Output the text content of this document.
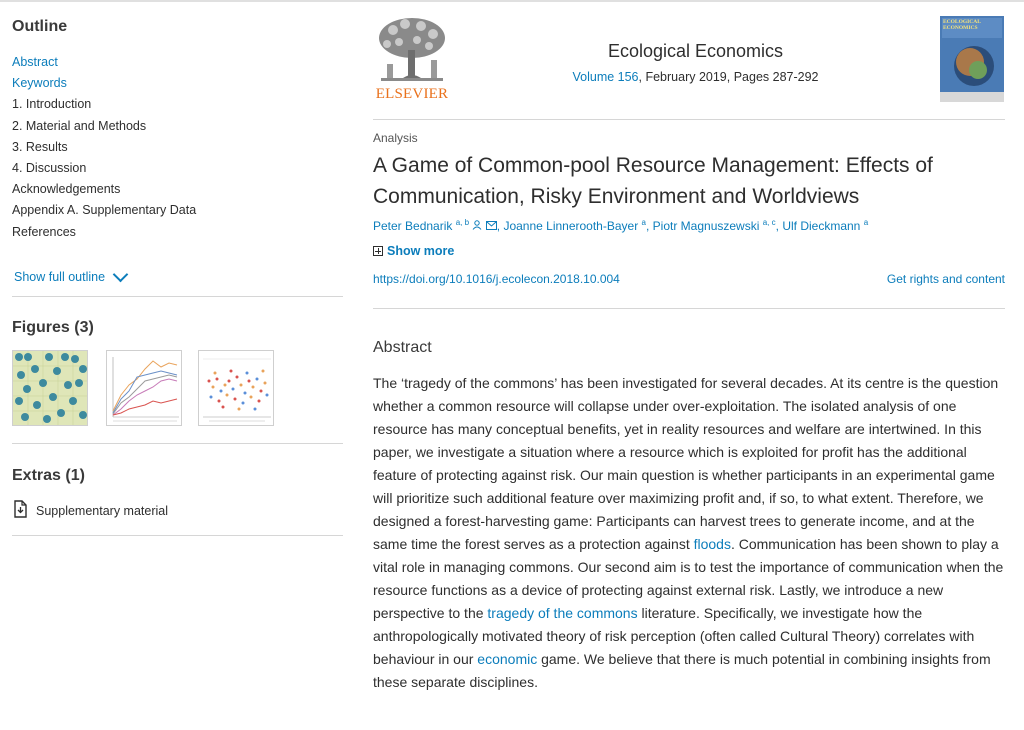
Outline
Abstract
Keywords
1. Introduction
2. Material and Methods
3. Results
4. Discussion
Acknowledgements
Appendix A. Supplementary Data
References
Show full outline
Figures (3)
Extras (1)
Supplementary material
ELSEVIER
Ecological Economics
Volume 156, February 2019, Pages 287-292
ECOLOGICAL ECONOMICS
Analysis
A Game of Common-pool Resource Management: Effects of Communication, Risky Environment and Worldviews
Peter Bednarik $^{a, b}$ , Joanne Linnerooth-Bayer $^a$, Piotr Magnuszewski $^{a, c}$, Ulf Dieckmann $^a$
Show more
https://doi.org/10.1016/j.ecolecon.2018.10.004	Get rights and content
Abstract

The ‘tragedy of the commons’ has been investigated for several decades. At its centre is the question whether a common resource will collapse under over-exploitation. The isolated analysis of one resource has many conceptual benefits, yet in reality resources and welfare are intertwined. In this paper, we investigate a situation where a resource which is exploited for profit has the additional feature of protecting against risk. Our main question is whether participants in an experimental game will prioritize such additional feature over maximizing profit and, if so, to what extent. Therefore, we designed a forest-harvesting game: Participants can harvest trees to generate income, and at the same time the forest serves as a protection against floods. Communication has been shown to play a vital role in managing commons. Our second aim is to test the importance of communication when the resource functions as a device of protecting against external risk. Lastly, we introduce a new perspective to the tragedy of the commons literature. Specifically, we investigate how the anthropologically motivated theory of risk perception (often called Cultural Theory) correlates with behaviour in our economic game. We believe that there is much potential in combining insights from these separate disciplines.
